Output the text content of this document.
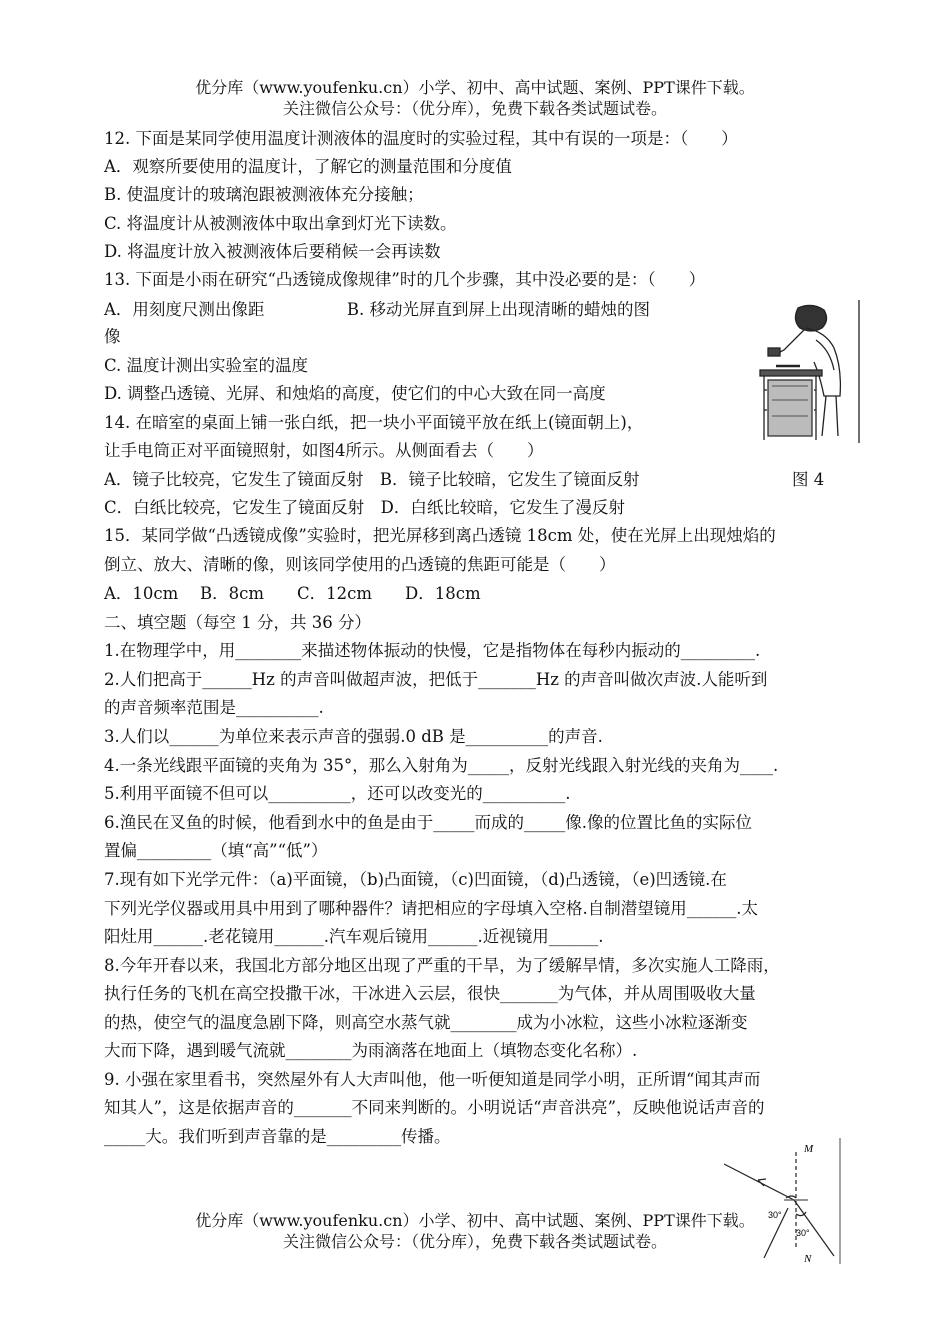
优分库（www.youfenku.cn）小学、初中、高中试题、案例、PPT课件下载。
关注微信公众号：（优分库），免费下载各类试题试卷。
12. 下面是某同学使用温度计测液体的温度时的实验过程，其中有误的一项是：（　　）
A．观察所要使用的温度计，了解它的测量范围和分度值
B. 使温度计的玻璃泡跟被测液体充分接触；
C. 将温度计从被测液体中取出拿到灯光下读数。
D. 将温度计放入被测液体后要稍候一会再读数
13. 下面是小雨在研究“凸透镜成像规律”时的几个步骤，其中没必要的是：（　　）
A．用刻度尺测出像距　　　　　B. 移动光屏直到屏上出现清晰的蜡烛的图
像
C. 温度计测出实验室的温度
D. 调整凸透镜、光屏、和烛焰的高度，使它们的中心大致在同一高度
14. 在暗室的桌面上铺一张白纸，把一块小平面镜平放在纸上(镜面朝上)，
让手电筒正对平面镜照射，如图4所示。从侧面看去（　　）
A．镜子比较亮，它发生了镜面反射　B．镜子比较暗，它发生了镜面反射
C．白纸比较亮，它发生了镜面反射　D．白纸比较暗，它发生了漫反射
15．某同学做“凸透镜成像”实验时，把光屏移到离凸透镜 18cm 处，使在光屏上出现烛焰的
倒立、放大、清晰的像，则该同学使用的凸透镜的焦距可能是（　　）
A．10cm　 B．8cm　　C．12cm　　D．18cm
二、填空题（每空 1 分，共 36 分）
1.在物理学中，用________来描述物体振动的快慢，它是指物体在每秒内振动的_________.
2.人们把高于______Hz 的声音叫做超声波，把低于_______Hz 的声音叫做次声波.人能听到
的声音频率范围是__________.
3.人们以______为单位来表示声音的强弱.0 dB 是__________的声音.
4.一条光线跟平面镜的夹角为 35°，那么入射角为_____，反射光线跟入射光线的夹角为____.
5.利用平面镜不但可以__________，还可以改变光的__________.
6.渔民在叉鱼的时候，他看到水中的鱼是由于_____而成的_____像.像的位置比鱼的实际位
置偏_________（填“高”“低”）
7.现有如下光学元件：（a)平面镜，（b)凸面镜，（c)凹面镜，（d)凸透镜，（e)凹透镜.在
下列光学仪器或用具中用到了哪种器件？请把相应的字母填入空格.自制潜望镜用______.太
阳灶用______.老花镜用______.汽车观后镜用______.近视镜用______.
8.今年开春以来，我国北方部分地区出现了严重的干旱，为了缓解旱情，多次实施人工降雨，
执行任务的飞机在高空投撒干冰，干冰进入云层，很快_______为气体，并从周围吸收大量
的热，使空气的温度急剧下降，则高空水蒸气就________成为小冰粒，这些小冰粒逐渐变
大而下降，遇到暖气流就________为雨滴落在地面上（填物态变化名称）.
9. 小强在家里看书，突然屋外有人大声叫他，他一听便知道是同学小明，正所谓“闻其声而
知其人”，这是依据声音的_______不同来判断的。小明说话“声音洪亮”，反映他说话声音的
_____大。我们听到声音靠的是_________传播。
图 4
M
N
30°
30°
优分库（www.youfenku.cn）小学、初中、高中试题、案例、PPT课件下载。
关注微信公众号：（优分库），免费下载各类试题试卷。
